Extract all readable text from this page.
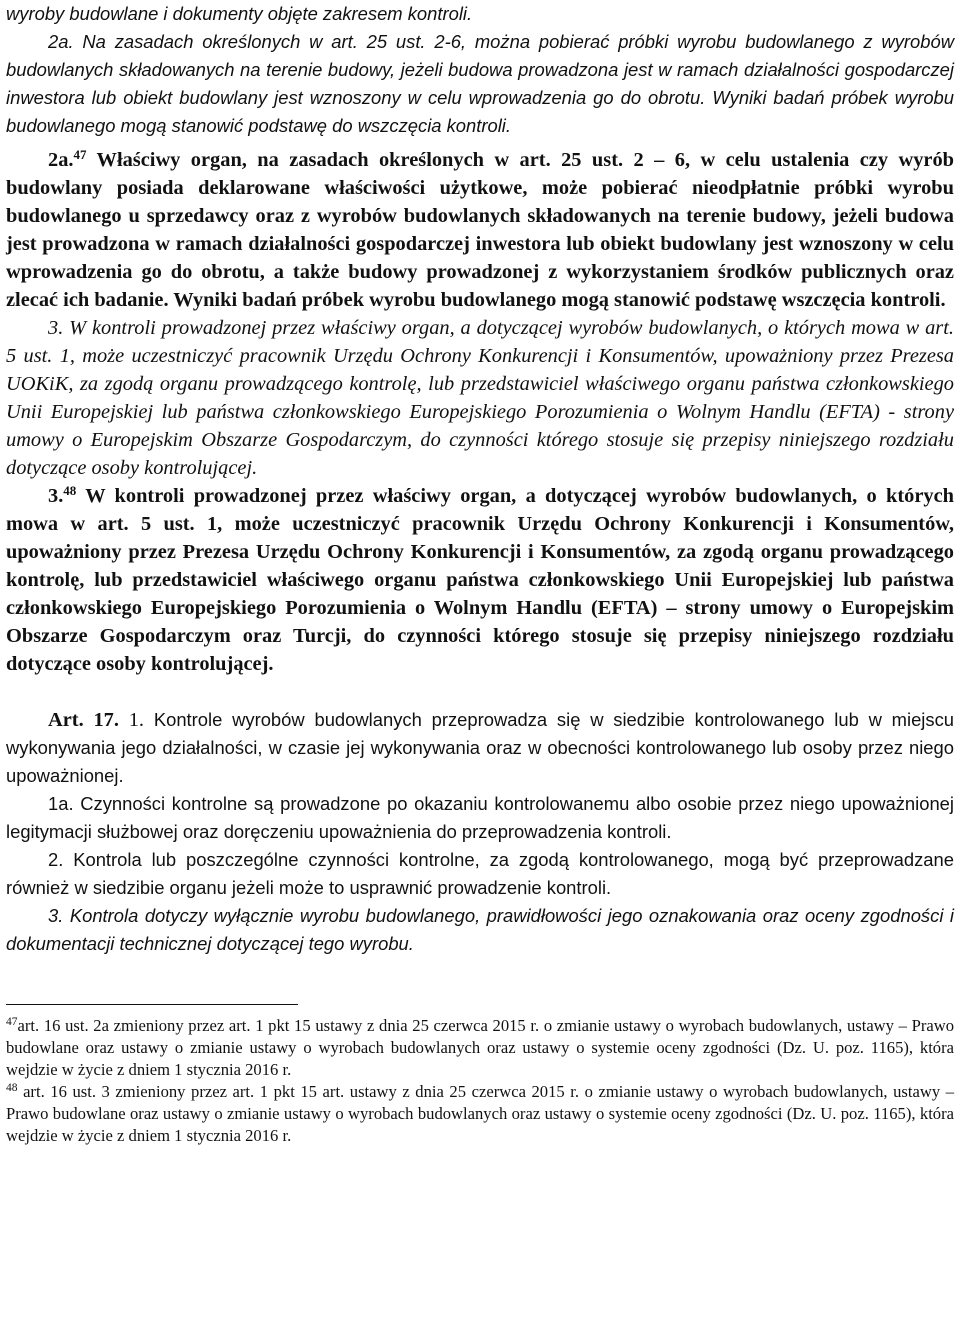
wyroby budowlane i dokumenty objęte zakresem kontroli.

2a. Na zasadach określonych w art. 25 ust. 2-6, można pobierać próbki wyrobu budowlanego z wyrobów budowlanych składowanych na terenie budowy, jeżeli budowa prowadzona jest w ramach działalności gospodarczej inwestora lub obiekt budowlany jest wznoszony w celu wprowadzenia go do obrotu. Wyniki badań próbek wyrobu budowlanego mogą stanowić podstawę do wszczęcia kontroli.

2a.$^{47}$ Właściwy organ, na zasadach określonych w art. 25 ust. 2 – 6, w celu ustalenia czy wyrób budowlany posiada deklarowane właściwości użytkowe, może pobierać nieodpłatnie próbki wyrobu budowlanego u sprzedawcy oraz z wyrobów budowlanych składowanych na terenie budowy, jeżeli budowa jest prowadzona w ramach działalności gospodarczej inwestora lub obiekt budowlany jest wznoszony w celu wprowadzenia go do obrotu, a także budowy prowadzonej z wykorzystaniem środków publicznych oraz zlecać ich badanie. Wyniki badań próbek wyrobu budowlanego mogą stanowić podstawę wszczęcia kontroli.

3. W kontroli prowadzonej przez właściwy organ, a dotyczącej wyrobów budowlanych, o których mowa w art. 5 ust. 1, może uczestniczyć pracownik Urzędu Ochrony Konkurencji i Konsumentów, upoważniony przez Prezesa UOKiK, za zgodą organu prowadzącego kontrolę, lub przedstawiciel właściwego organu państwa członkowskiego Unii Europejskiej lub państwa członkowskiego Europejskiego Porozumienia o Wolnym Handlu (EFTA) - strony umowy o Europejskim Obszarze Gospodarczym, do czynności którego stosuje się przepisy niniejszego rozdziału dotyczące osoby kontrolującej.

3.48 W kontroli prowadzonej przez właściwy organ, a dotyczącej wyrobów budowlanych, o których mowa w art. 5 ust. 1, może uczestniczyć pracownik Urzędu Ochrony Konkurencji i Konsumentów, upoważniony przez Prezesa Urzędu Ochrony Konkurencji i Konsumentów, za zgodą organu prowadzącego kontrolę, lub przedstawiciel właściwego organu państwa członkowskiego Unii Europejskiej lub państwa członkowskiego Europejskiego Porozumienia o Wolnym Handlu (EFTA) – strony umowy o Europejskim Obszarze Gospodarczym oraz Turcji, do czynności którego stosuje się przepisy niniejszego rozdziału dotyczące osoby kontrolującej.

Art. 17. 1. Kontrole wyrobów budowlanych przeprowadza się w siedzibie kontrolowanego lub w miejscu wykonywania jego działalności, w czasie jej wykonywania oraz w obecności kontrolowanego lub osoby przez niego upoważnionej.

1a. Czynności kontrolne są prowadzone po okazaniu kontrolowanemu albo osobie przez niego upoważnionej legitymacji służbowej oraz doręczeniu upoważnienia do przeprowadzenia kontroli.

2. Kontrola lub poszczególne czynności kontrolne, za zgodą kontrolowanego, mogą być przeprowadzane również w siedzibie organu jeżeli może to usprawnić prowadzenie kontroli.

3. Kontrola dotyczy wyłącznie wyrobu budowlanego, prawidłowości jego oznakowania oraz oceny zgodności i dokumentacji technicznej dotyczącej tego wyrobu.

$^{47}$art. 16 ust. 2a zmieniony przez art. 1 pkt 15 ustawy z dnia 25 czerwca 2015 r. o zmianie ustawy o wyrobach budowlanych, ustawy – Prawo budowlane oraz ustawy o zmianie ustawy o wyrobach budowlanych oraz ustawy o systemie oceny zgodności (Dz. U. poz. 1165), która wejdzie w życie z dniem 1 stycznia 2016 r.

$^{48}$ art. 16 ust. 3 zmieniony przez art. 1 pkt 15 art. ustawy z dnia 25 czerwca 2015 r. o zmianie ustawy o wyrobach budowlanych, ustawy – Prawo budowlane oraz ustawy o zmianie ustawy o wyrobach budowlanych oraz ustawy o systemie oceny zgodności (Dz. U. poz. 1165), która wejdzie w życie z dniem 1 stycznia 2016 r.
